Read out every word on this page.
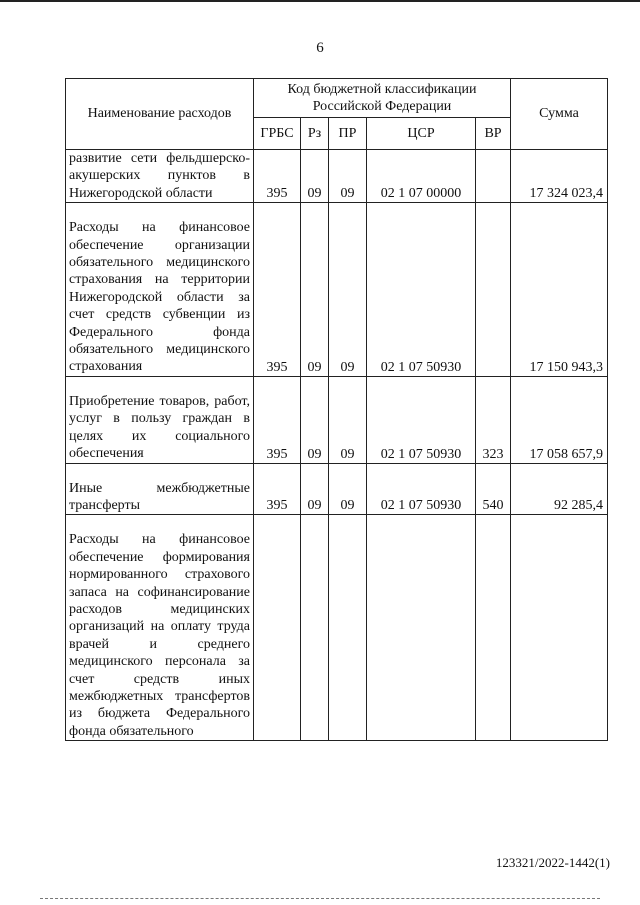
6
Наименование расходов	Код бюджетной классификации Российской Федерации					Сумма
	ГРБС	Рз	ПР	ЦСР	ВР	
развитие сети фельдшерско-акушерских пунктов в Нижегородской области	395	09	09	02 1 07 00000		17 324 023,4
Расходы на финансовое обеспечение организации обязательного медицинского страхования на территории Нижегородской области за счет средств субвенции из Федерального фонда обязательного медицинского страхования	395	09	09	02 1 07 50930		17 150 943,3
Приобретение товаров, работ, услуг в пользу граждан в целях их социального обеспечения	395	09	09	02 1 07 50930	323	17 058 657,9
Иные межбюджетные трансферты	395	09	09	02 1 07 50930	540	92 285,4
Расходы на финансовое обеспечение формирования нормированного страхового запаса на софинансирование расходов медицинских организаций на оплату труда врачей и среднего медицинского персонала за счет средств иных межбюджетных трансфертов из бюджета Федерального фонда обязательного						
123321/2022-1442(1)
